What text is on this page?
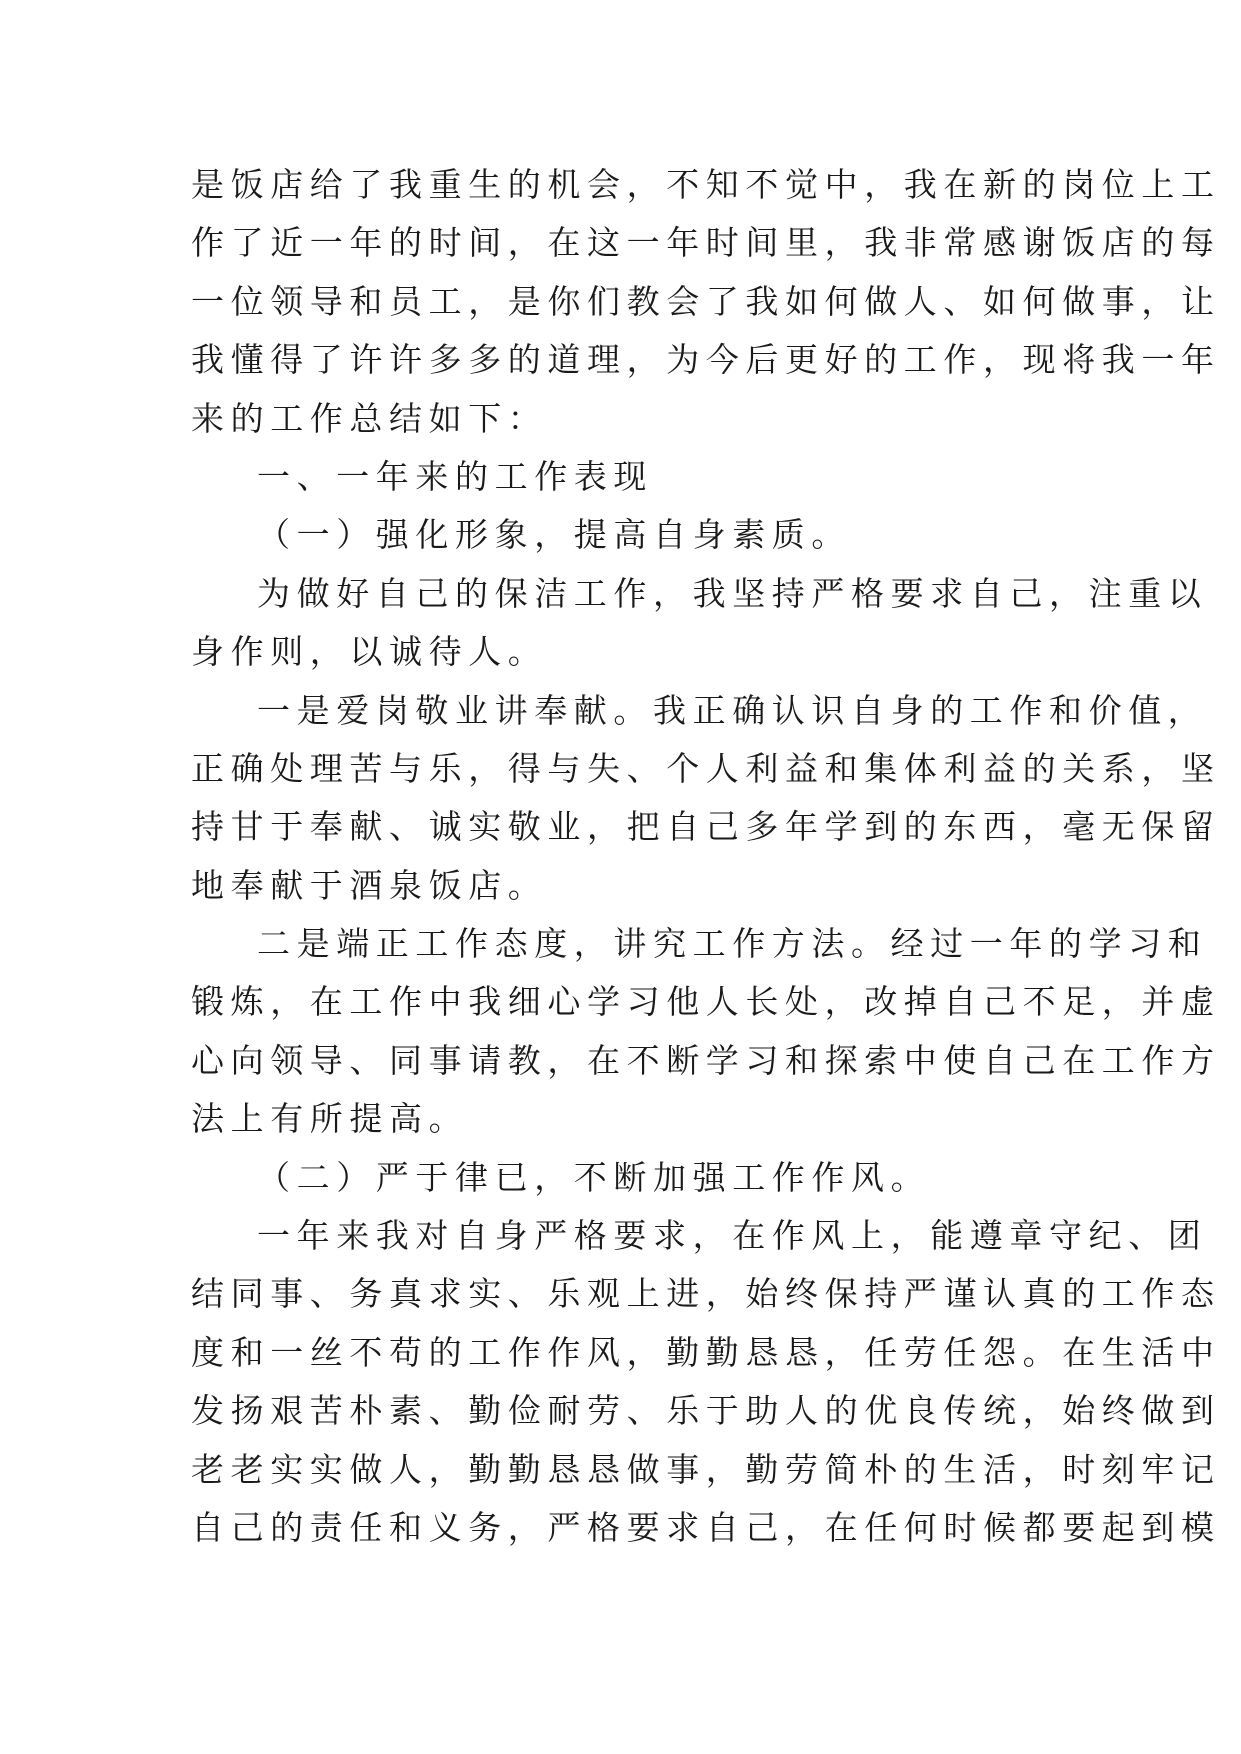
是饭店给了我重生的机会，不知不觉中，我在新的岗位上工
作了近一年的时间，在这一年时间里，我非常感谢饭店的每
一位领导和员工，是你们教会了我如何做人、如何做事，让
我懂得了许许多多的道理，为今后更好的工作，现将我一年
来的工作总结如下：
一、一年来的工作表现
（一）强化形象，提高自身素质。
为做好自己的保洁工作，我坚持严格要求自己，注重以
身作则，以诚待人。
一是爱岗敬业讲奉献。我正确认识自身的工作和价值，
正确处理苦与乐，得与失、个人利益和集体利益的关系，坚
持甘于奉献、诚实敬业，把自己多年学到的东西，毫无保留
地奉献于酒泉饭店。
二是端正工作态度，讲究工作方法。经过一年的学习和
锻炼，在工作中我细心学习他人长处，改掉自己不足，并虚
心向领导、同事请教，在不断学习和探索中使自己在工作方
法上有所提高。
（二）严于律已，不断加强工作作风。
一年来我对自身严格要求，在作风上，能遵章守纪、团
结同事、务真求实、乐观上进，始终保持严谨认真的工作态
度和一丝不苟的工作作风，勤勤恳恳，任劳任怨。在生活中
发扬艰苦朴素、勤俭耐劳、乐于助人的优良传统，始终做到
老老实实做人，勤勤恳恳做事，勤劳简朴的生活，时刻牢记
自己的责任和义务，严格要求自己，在任何时候都要起到模
